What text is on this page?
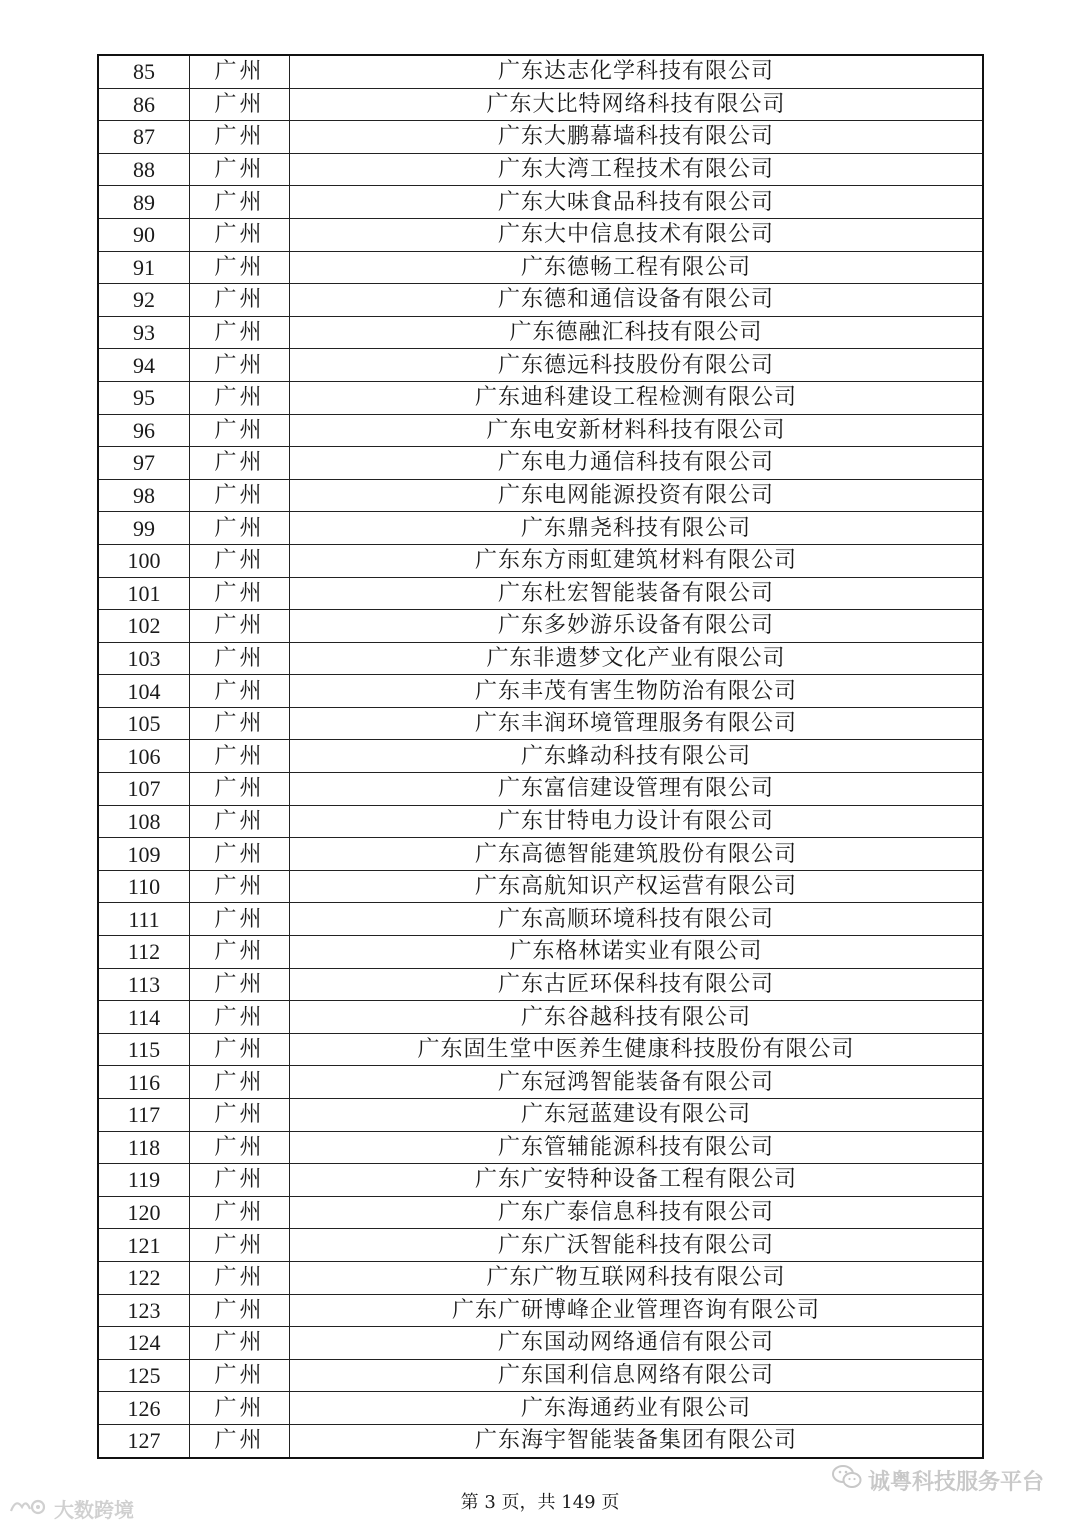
85	广州	广东达志化学科技有限公司
86	广州	广东大比特网络科技有限公司
87	广州	广东大鹏幕墙科技有限公司
88	广州	广东大湾工程技术有限公司
89	广州	广东大味食品科技有限公司
90	广州	广东大中信息技术有限公司
91	广州	广东德畅工程有限公司
92	广州	广东德和通信设备有限公司
93	广州	广东德融汇科技有限公司
94	广州	广东德远科技股份有限公司
95	广州	广东迪科建设工程检测有限公司
96	广州	广东电安新材料科技有限公司
97	广州	广东电力通信科技有限公司
98	广州	广东电网能源投资有限公司
99	广州	广东鼎尧科技有限公司
100	广州	广东东方雨虹建筑材料有限公司
101	广州	广东杜宏智能装备有限公司
102	广州	广东多妙游乐设备有限公司
103	广州	广东非遗梦文化产业有限公司
104	广州	广东丰茂有害生物防治有限公司
105	广州	广东丰润环境管理服务有限公司
106	广州	广东蜂动科技有限公司
107	广州	广东富信建设管理有限公司
108	广州	广东甘特电力设计有限公司
109	广州	广东高德智能建筑股份有限公司
110	广州	广东高航知识产权运营有限公司
111	广州	广东高顺环境科技有限公司
112	广州	广东格林诺实业有限公司
113	广州	广东古匠环保科技有限公司
114	广州	广东谷越科技有限公司
115	广州	广东固生堂中医养生健康科技股份有限公司
116	广州	广东冠鸿智能装备有限公司
117	广州	广东冠蓝建设有限公司
118	广州	广东管辅能源科技有限公司
119	广州	广东广安特种设备工程有限公司
120	广州	广东广泰信息科技有限公司
121	广州	广东广沃智能科技有限公司
122	广州	广东广物互联网科技有限公司
123	广州	广东广研博峰企业管理咨询有限公司
124	广州	广东国动网络通信有限公司
125	广州	广东国利信息网络有限公司
126	广州	广东海通药业有限公司
127	广州	广东海宇智能装备集团有限公司
诚粤科技服务平台
第 3 页，共 149 页
大数跨境
